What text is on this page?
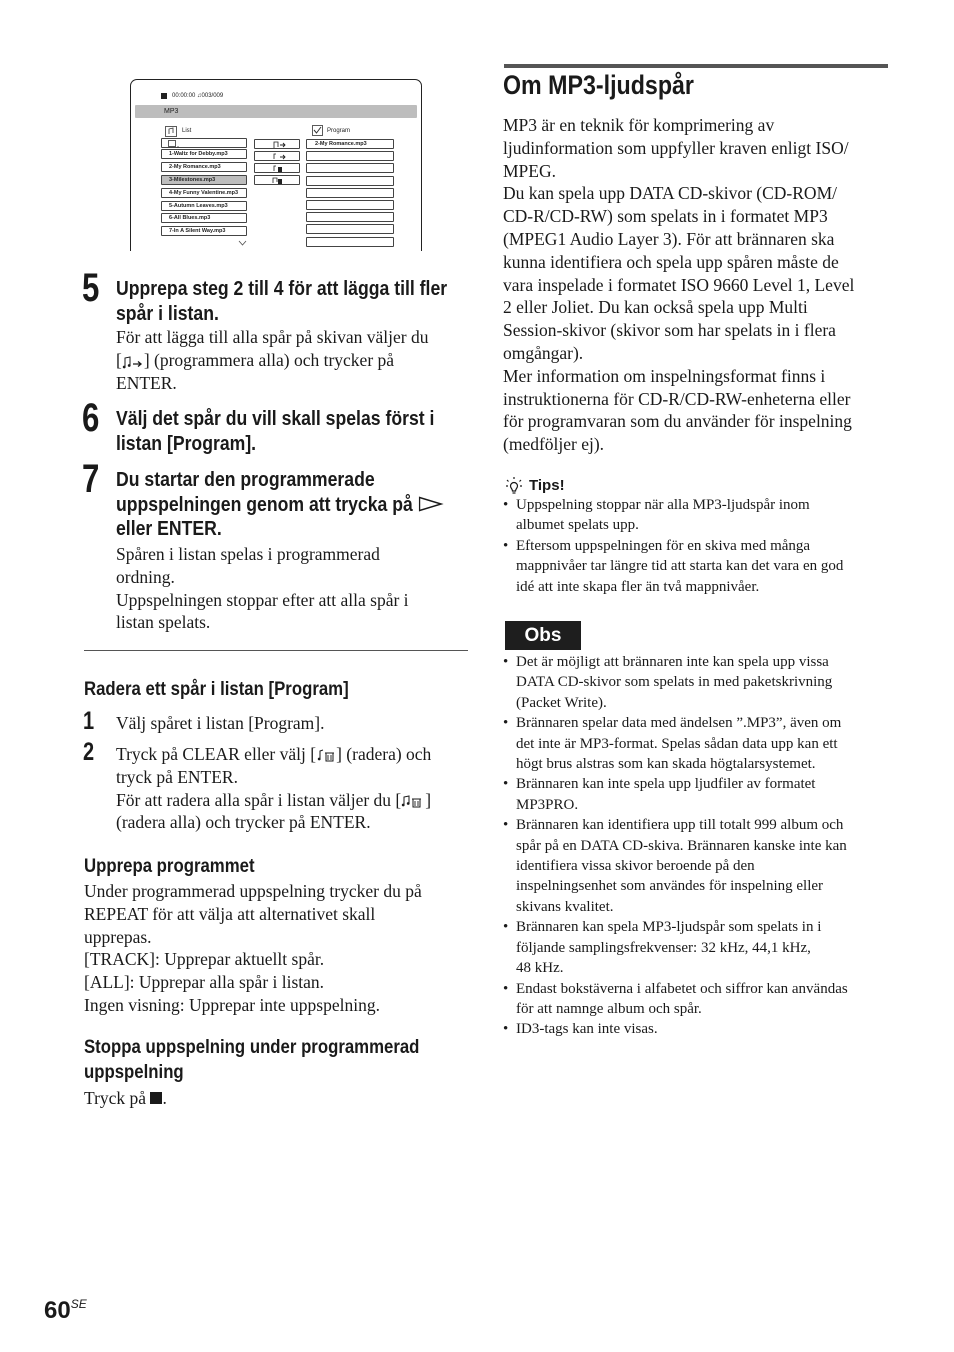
00:00:00 ♫003/009
MP3
List	Program
1-Waltz for Debby.mp3
2-My Romance.mp3
3-Milestones.mp3
4-My Funny Valentine.mp3
5-Autumn Leaves.mp3
6-All Blues.mp3
7-In A Silent Way.mp3
2-My Romance.mp3
5 Upprepa steg 2 till 4 för att lägga till fler
spår i listan.
För att lägga till alla spår på skivan väljer du
[ ] (programmera alla) och trycker på
ENTER.
6 Välj det spår du vill skall spelas först i
listan [Program].
7 Du startar den programmerade
uppspelningen genom att trycka på
eller ENTER.
Spåren i listan spelas i programmerad
ordning.
Uppspelningen stoppar efter att alla spår i
listan spelats.
Radera ett spår i listan [Program]
1 Välj spåret i listan [Program].
2 Tryck på CLEAR eller välj [ ] (radera) och
tryck på ENTER.
För att radera alla spår i listan väljer du [ ]
(radera alla) och trycker på ENTER.
Upprepa programmet
Under programmerad uppspelning trycker du på
REPEAT för att välja att alternativet skall
upprepas.
[TRACK]: Upprepar aktuellt spår.
[ALL]: Upprepar alla spår i listan.
Ingen visning: Upprepar inte uppspelning.
Stoppa uppspelning under programmerad
uppspelning
Tryck på .
Om MP3-ljudspår
MP3 är en teknik för komprimering av
ljudinformation som uppfyller kraven enligt ISO/
MPEG.
Du kan spela upp DATA CD-skivor (CD-ROM/
CD-R/CD-RW) som spelats in i formatet MP3
(MPEG1 Audio Layer 3). För att brännaren ska
kunna identifiera och spela upp spåren måste de
vara inspelade i formatet ISO 9660 Level 1, Level
2 eller Joliet. Du kan också spela upp Multi
Session-skivor (skivor som har spelats in i flera
omgångar).
Mer information om inspelningsformat finns i
instruktionerna för CD-R/CD-RW-enheterna eller
för programvaran som du använder för inspelning
(medföljer ej).
Tips!
• Uppspelning stoppar när alla MP3-ljudspår inom
albumet spelats upp.
• Eftersom uppspelningen för en skiva med många
mappnivåer tar längre tid att starta kan det vara en god
idé att inte skapa fler än två mappnivåer.
Obs
• Det är möjligt att brännaren inte kan spela upp vissa
DATA CD-skivor som spelats in med paketskrivning
(Packet Write).
• Brännaren spelar data med ändelsen ”.MP3”, även om
det inte är MP3-format. Spelas sådan data upp kan ett
högt brus alstras som kan skada högtalarsystemet.
• Brännaren kan inte spela upp ljudfiler av formatet
MP3PRO.
• Brännaren kan identifiera upp till totalt 999 album och
spår på en DATA CD-skiva. Brännaren kanske inte kan
identifiera vissa skivor beroende på den
inspelningsenhet som användes för inspelning eller
skivans kvalitet.
• Brännaren kan spela MP3-ljudspår som spelats in i
följande samplingsfrekvenser: 32 kHz, 44,1 kHz,
48 kHz.
• Endast bokstäverna i alfabetet och siffror kan användas
för att namnge album och spår.
• ID3-tags kan inte visas.
$60^{SE}$
